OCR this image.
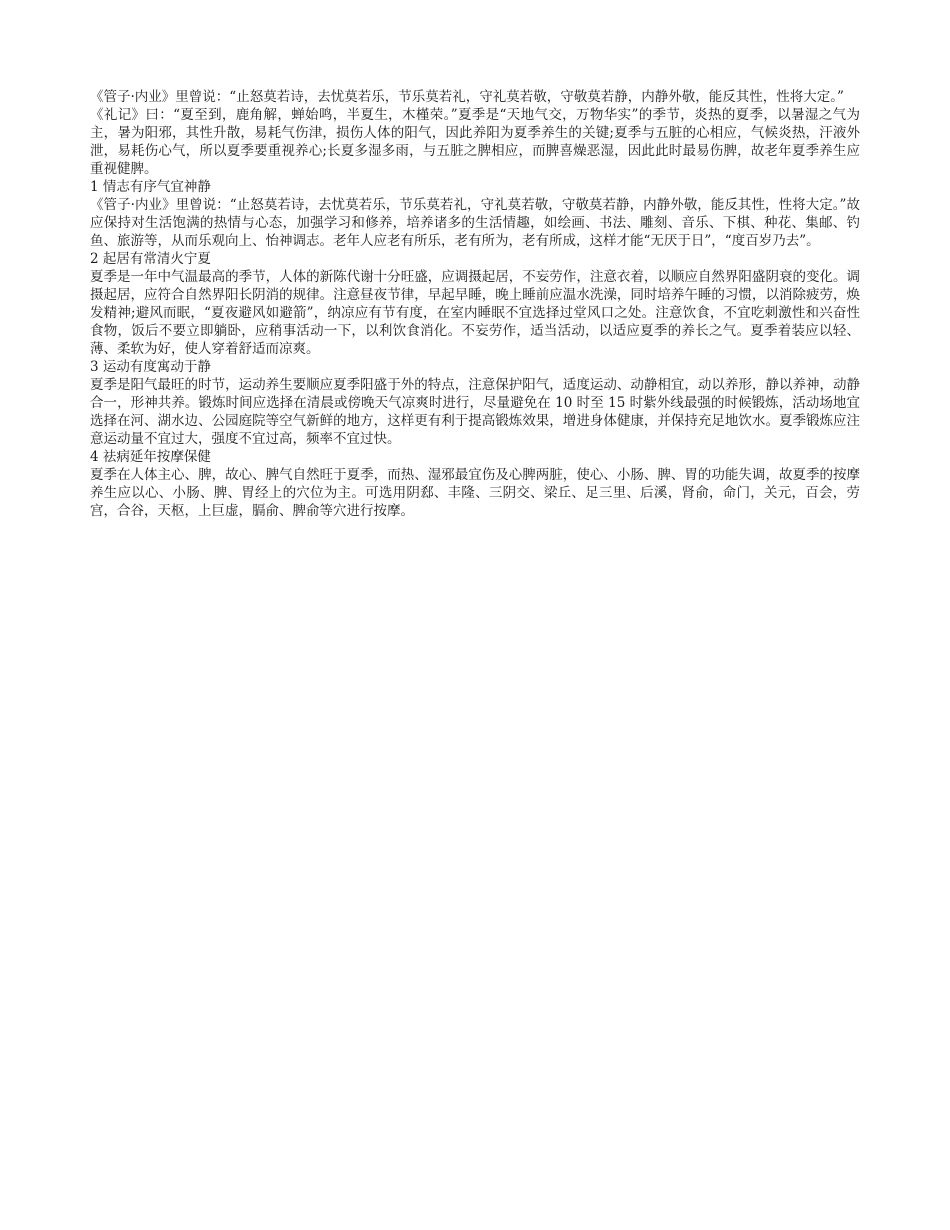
《管子·内业》里曾说：“止怒莫若诗，去忧莫若乐，节乐莫若礼，守礼莫若敬，守敬莫若静，内静外敬，能反其性，性将大定。”

《礼记》曰：“夏至到，鹿角解，蝉始鸣，半夏生，木槿荣。”夏季是“天地气交，万物华实”的季节，炎热的夏季，以暑湿之气为主，暑为阳邪，其性升散，易耗气伤津，损伤人体的阳气，因此养阳为夏季养生的关键;夏季与五脏的心相应，气候炎热，汗液外泄，易耗伤心气，所以夏季要重视养心;长夏多湿多雨，与五脏之脾相应，而脾喜燥恶湿，因此此时最易伤脾，故老年夏季养生应重视健脾。

1 情志有序气宜神静

《管子·内业》里曾说：“止怒莫若诗，去忧莫若乐，节乐莫若礼，守礼莫若敬，守敬莫若静，内静外敬，能反其性，性将大定。”故应保持对生活饱满的热情与心态，加强学习和修养，培养诸多的生活情趣，如绘画、书法、雕刻、音乐、下棋、种花、集邮、钓鱼、旅游等，从而乐观向上、怡神调志。老年人应老有所乐，老有所为，老有所成，这样才能“无厌于日”，“度百岁乃去”。

2 起居有常清火宁夏

夏季是一年中气温最高的季节，人体的新陈代谢十分旺盛，应调摄起居，不妄劳作，注意衣着，以顺应自然界阳盛阴衰的变化。调摄起居，应符合自然界阳长阴消的规律。注意昼夜节律，早起早睡，晚上睡前应温水洗澡，同时培养午睡的习惯，以消除疲劳，焕发精神;避风而眠，“夏夜避风如避箭”，纳凉应有节有度，在室内睡眠不宜选择过堂风口之处。注意饮食，不宜吃刺激性和兴奋性食物，饭后不要立即躺卧，应稍事活动一下，以利饮食消化。不妄劳作，适当活动，以适应夏季的养长之气。夏季着装应以轻、薄、柔软为好，使人穿着舒适而凉爽。

3 运动有度寓动于静

夏季是阳气最旺的时节，运动养生要顺应夏季阳盛于外的特点，注意保护阳气，适度运动、动静相宜，动以养形，静以养神，动静合一，形神共养。锻炼时间应选择在清晨或傍晚天气凉爽时进行，尽量避免在 10 时至 15 时紫外线最强的时候锻炼，活动场地宜选择在河、湖水边、公园庭院等空气新鲜的地方，这样更有利于提高锻炼效果，增进身体健康，并保持充足地饮水。夏季锻炼应注意运动量不宜过大，强度不宜过高，频率不宜过快。

4 祛病延年按摩保健

夏季在人体主心、脾，故心、脾气自然旺于夏季，而热、湿邪最宜伤及心脾两脏，使心、小肠、脾、胃的功能失调，故夏季的按摩养生应以心、小肠、脾、胃经上的穴位为主。可选用阴郄、丰隆、三阴交、梁丘、足三里、后溪，肾俞，命门，关元，百会，劳宫，合谷，天枢，上巨虚，膈俞、脾俞等穴进行按摩。
